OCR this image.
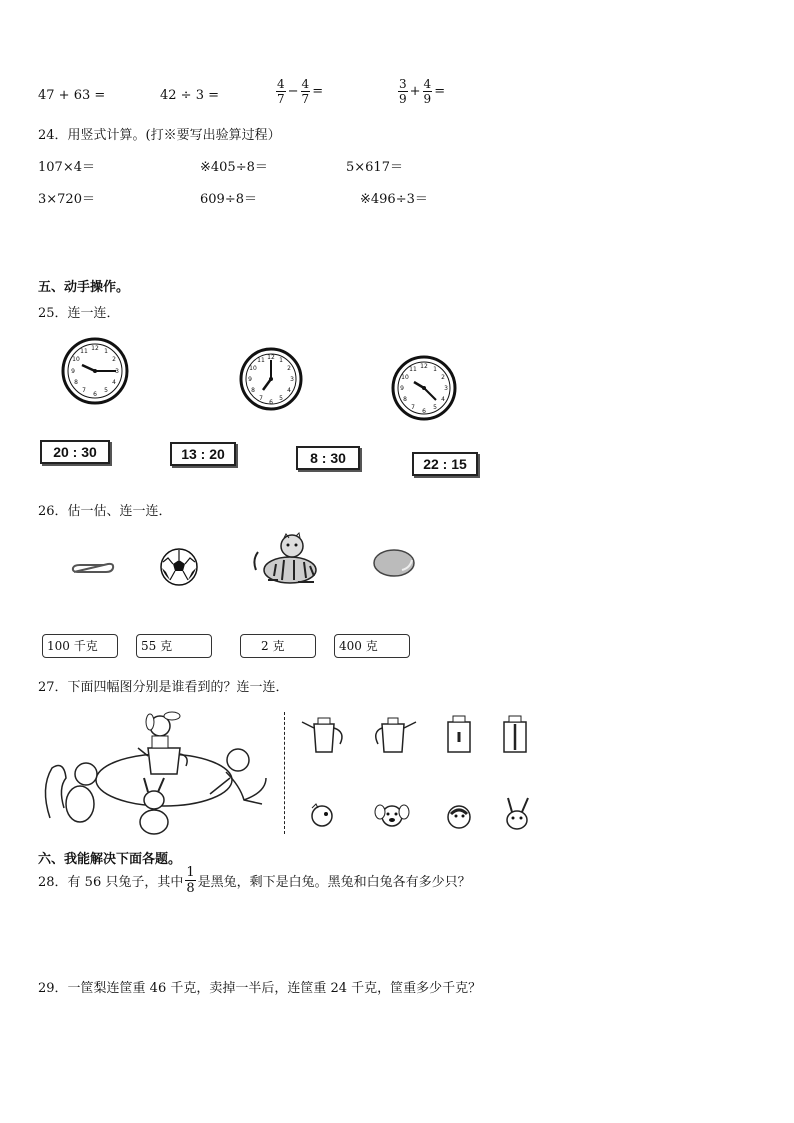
47 + 63 =	42 ÷ 3 =	$\frac{4}{7} - \frac{4}{7}$ =	$\frac{3}{9} + \frac{4}{9}$ =
24．用竖式计算。(打※要写出验算过程）
107×4＝	※405÷8＝	5×617＝
3×720＝	609÷8＝	※496÷3＝
五、动手操作。
25．连一连．
12 1
2
3
4
5
6
7
8
9
10
11
12 1
2
3
4
5
6
7
8
9
10
11
12 1
2
3
4
5
6
7
8
9
10
11
20 : 30	13 : 20	8 : 30	22 : 15
26．估一估、连一连．
100 千克	55 克	2 克	400 克
27．下面四幅图分别是谁看到的？连一连．
六、我能解决下面各题。
28．有 56 只兔子，其中 $\frac{1}{8}$ 是黑兔，剩下是白兔。黑兔和白兔各有多少只？
29．一筐梨连筐重 46 千克，卖掉一半后，连筐重 24 千克，筐重多少千克？
